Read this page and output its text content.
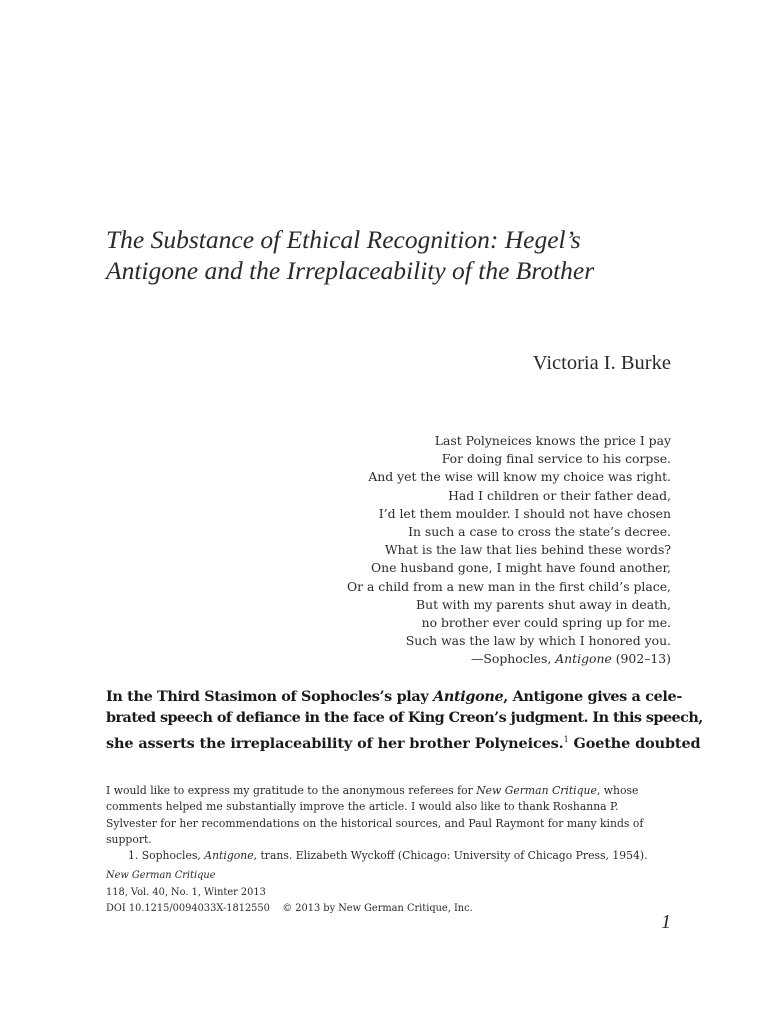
The Substance of Ethical Recognition: Hegel’s
Antigone and the Irreplaceability of the Brother

Victoria I. Burke

Last Polyneices knows the price I pay
For doing final service to his corpse.
And yet the wise will know my choice was right.
Had I children or their father dead,
I’d let them moulder. I should not have chosen
In such a case to cross the state’s decree.
What is the law that lies behind these words?
One husband gone, I might have found another,
Or a child from a new man in the first child’s place,
But with my parents shut away in death,
no brother ever could spring up for me.
Such was the law by which I honored you.
—Sophocles, Antigone (902–13)
In the Third Stasimon of Sophocles’s play Antigone, Antigone gives a cele-
brated speech of defiance in the face of King Creon’s judgment. In this speech,
she asserts the irreplaceability of her brother Polyneices.$^1$ Goethe doubted
I would like to express my gratitude to the anonymous referees for New German Critique, whose
comments helped me substantially improve the article. I would also like to thank Roshanna P.
Sylvester for her recommendations on the historical sources, and Paul Raymont for many kinds of
support.
1. Sophocles, Antigone, trans. Elizabeth Wyckoff (Chicago: University of Chicago Press, 1954).
New German Critique
118, Vol. 40, No. 1, Winter 2013
DOI 10.1215/0094033X-1812550    © 2013 by New German Critique, Inc.
1
